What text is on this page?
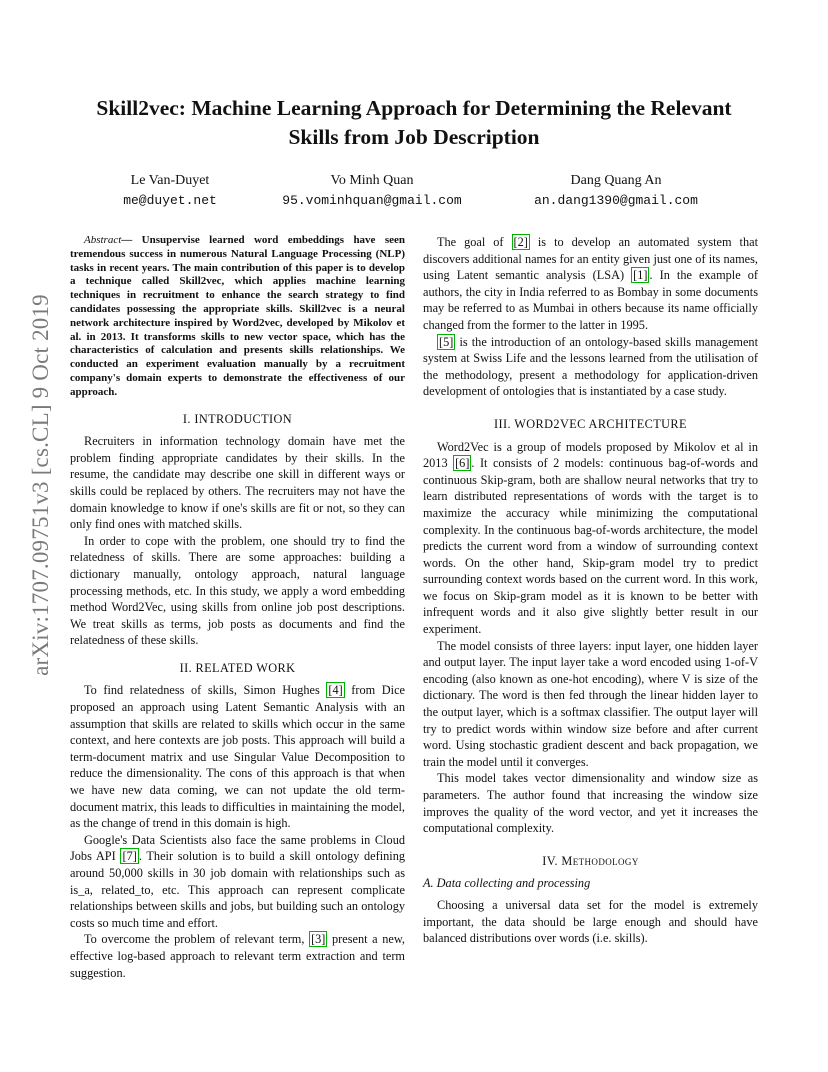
arXiv:1707.09751v3 [cs.CL] 9 Oct 2019
Skill2vec: Machine Learning Approach for Determining the Relevant Skills from Job Description
Le Van-Duyet
me@duyet.net
Vo Minh Quan
95.vominhquan@gmail.com
Dang Quang An
an.dang1390@gmail.com

Abstract— Unsupervise learned word embeddings have seen tremendous success in numerous Natural Language Processing (NLP) tasks in recent years. The main contribution of this paper is to develop a technique called Skill2vec, which applies machine learning techniques in recruitment to enhance the search strategy to find candidates possessing the appropriate skills. Skill2vec is a neural network architecture inspired by Word2vec, developed by Mikolov et al. in 2013. It transforms skills to new vector space, which has the characteristics of calculation and presents skills relationships. We conducted an experiment evaluation manually by a recruitment company's domain experts to demonstrate the effectiveness of our approach.

I. INTRODUCTION

Recruiters in information technology domain have met the problem finding appropriate candidates by their skills. In the resume, the candidate may describe one skill in different ways or skills could be replaced by others. The recruiters may not have the domain knowledge to know if one's skills are fit or not, so they can only find ones with matched skills.

In order to cope with the problem, one should try to find the relatedness of skills. There are some approaches: building a dictionary manually, ontology approach, natural language processing methods, etc. In this study, we apply a word embedding method Word2Vec, using skills from online job post descriptions. We treat skills as terms, job posts as documents and find the relatedness of these skills.

II. RELATED WORK

To find relatedness of skills, Simon Hughes [4] from Dice proposed an approach using Latent Semantic Analysis with an assumption that skills are related to skills which occur in the same context, and here contexts are job posts. This approach will build a term-document matrix and use Singular Value Decomposition to reduce the dimensionality. The cons of this approach is that when we have new data coming, we can not update the old term-document matrix, this leads to difficulties in maintaining the model, as the change of trend in this domain is high.

Google's Data Scientists also face the same problems in Cloud Jobs API [7] . Their solution is to build a skill ontology defining around 50,000 skills in 30 job domain with relationships such as is_a, related_to, etc. This approach can represent complicate relationships between skills and jobs, but building such an ontology costs so much time and effort.

To overcome the problem of relevant term, [3] present a new, effective log-based approach to relevant term extraction and term suggestion.

The goal of [2] is to develop an automated system that discovers additional names for an entity given just one of its names, using Latent semantic analysis (LSA) [1] . In the example of authors, the city in India referred to as Bombay in some documents may be referred to as Mumbai in others because its name officially changed from the former to the latter in 1995.

[5] is the introduction of an ontology-based skills management system at Swiss Life and the lessons learned from the utilisation of the methodology, present a methodology for application-driven development of ontologies that is instantiated by a case study.

III. WORD2VEC ARCHITECTURE

Word2Vec is a group of models proposed by Mikolov et al in 2013 [6] . It consists of 2 models: continuous bag-of-words and continuous Skip-gram, both are shallow neural networks that try to learn distributed representations of words with the target is to maximize the accuracy while minimizing the computational complexity. In the continuous bag-of-words architecture, the model predicts the current word from a window of surrounding context words. On the other hand, Skip-gram model try to predict surrounding context words based on the current word. In this work, we focus on Skip-gram model as it is known to be better with infrequent words and it also give slightly better result in our experiment.

The model consists of three layers: input layer, one hidden layer and output layer. The input layer take a word encoded using 1-of-V encoding (also known as one-hot encoding), where V is size of the dictionary. The word is then fed through the linear hidden layer to the output layer, which is a softmax classifier. The output layer will try to predict words within window size before and after current word. Using stochastic gradient descent and back propagation, we train the model until it converges.

This model takes vector dimensionality and window size as parameters. The author found that increasing the window size improves the quality of the word vector, and yet it increases the computational complexity.

IV. Methodology
A. Data collecting and processing

Choosing a universal data set for the model is extremely important, the data should be large enough and should have balanced distributions over words (i.e. skills).
